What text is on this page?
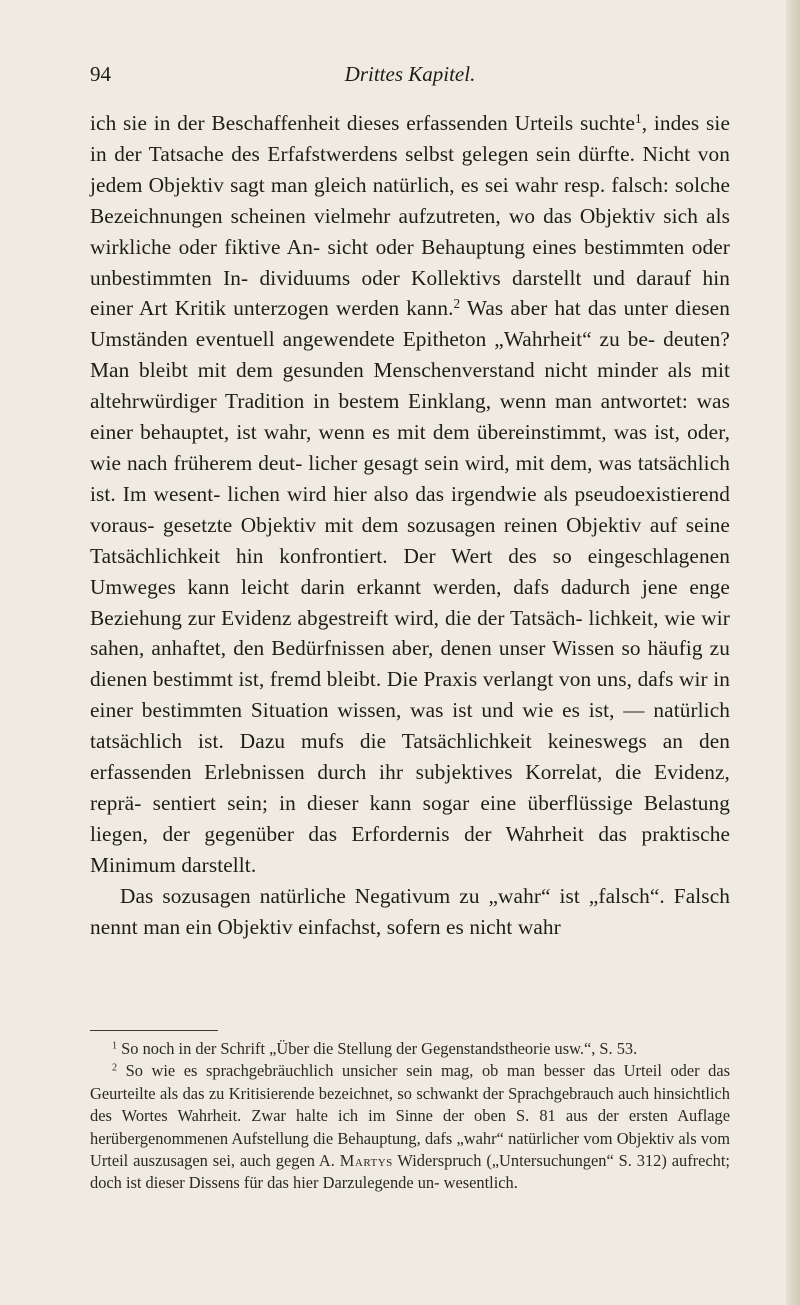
94	Drittes Kapitel.

ich sie in der Beschaffenheit dieses erfassenden Urteils suchte$^1$, indes sie in der Tatsache des Erfafstwerdens selbst gelegen sein dürfte. Nicht von jedem Objektiv sagt man gleich natürlich, es sei wahr resp. falsch: solche Bezeichnungen scheinen vielmehr aufzutreten, wo das Objektiv sich als wirkliche oder fiktive An- sicht oder Behauptung eines bestimmten oder unbestimmten In- dividuums oder Kollektivs darstellt und darauf hin einer Art Kritik unterzogen werden kann.$^2$ Was aber hat das unter diesen Umständen eventuell angewendete Epitheton „Wahrheit“ zu be- deuten? Man bleibt mit dem gesunden Menschenverstand nicht minder als mit altehrwürdiger Tradition in bestem Einklang, wenn man antwortet: was einer behauptet, ist wahr, wenn es mit dem übereinstimmt, was ist, oder, wie nach früherem deut- licher gesagt sein wird, mit dem, was tatsächlich ist. Im wesent- lichen wird hier also das irgendwie als pseudoexistierend voraus- gesetzte Objektiv mit dem sozusagen reinen Objektiv auf seine Tatsächlichkeit hin konfrontiert. Der Wert des so eingeschlagenen Umweges kann leicht darin erkannt werden, dafs dadurch jene enge Beziehung zur Evidenz abgestreift wird, die der Tatsäch- lichkeit, wie wir sahen, anhaftet, den Bedürfnissen aber, denen unser Wissen so häufig zu dienen bestimmt ist, fremd bleibt. Die Praxis verlangt von uns, dafs wir in einer bestimmten Situation wissen, was ist und wie es ist, — natürlich tatsächlich ist. Dazu mufs die Tatsächlichkeit keineswegs an den erfassenden Erlebnissen durch ihr subjektives Korrelat, die Evidenz, reprä- sentiert sein; in dieser kann sogar eine überflüssige Belastung liegen, der gegenüber das Erfordernis der Wahrheit das praktische Minimum darstellt.

Das sozusagen natürliche Negativum zu „wahr“ ist „falsch“. Falsch nennt man ein Objektiv einfachst, sofern es nicht wahr

$^1$ So noch in der Schrift „Über die Stellung der Gegenstandstheorie usw.“, S. 53.

$^2$ So wie es sprachgebräuchlich unsicher sein mag, ob man besser das Urteil oder das Geurteilte als das zu Kritisierende bezeichnet, so schwankt der Sprachgebrauch auch hinsichtlich des Wortes Wahrheit. Zwar halte ich im Sinne der oben S. 81 aus der ersten Auflage herübergenommenen Aufstellung die Behauptung, dafs „wahr“ natürlicher vom Objektiv als vom Urteil auszusagen sei, auch gegen A. Martys Widerspruch („Untersuchungen“ S. 312) aufrecht; doch ist dieser Dissens für das hier Darzulegende un- wesentlich.
